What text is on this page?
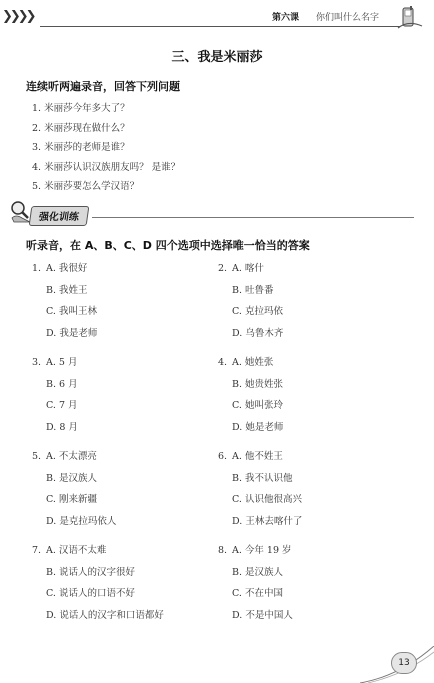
❯❯❯❯	第六课 你们叫什么名字
三、我是米丽莎
连续听两遍录音，回答下列问题
1. 米丽莎今年多大了？
2. 米丽莎现在做什么？
3. 米丽莎的老师是谁？
4. 米丽莎认识汉族朋友吗？ 是谁？
5. 米丽莎要怎么学汉语？
强化训练
听录音，在 A、B、C、D 四个选项中选择唯一恰当的答案
1. A. 我很好
B. 我姓王
C. 我叫王林
D. 我是老师
2. A. 喀什
B. 吐鲁番
C. 克拉玛依
D. 乌鲁木齐
3. A. 5 月
B. 6 月
C. 7 月
D. 8 月
4. A. 她姓张
B. 她贵姓张
C. 她叫张玲
D. 她是老师
5. A. 不太漂亮
B. 是汉族人
C. 刚来新疆
D. 是克拉玛依人
6. A. 他不姓王
B. 我不认识他
C. 认识他很高兴
D. 王林去喀什了
7. A. 汉语不太难
B. 说话人的汉字很好
C. 说话人的口语不好
D. 说话人的汉字和口语都好
8. A. 今年 19 岁
B. 是汉族人
C. 不在中国
D. 不是中国人
13
